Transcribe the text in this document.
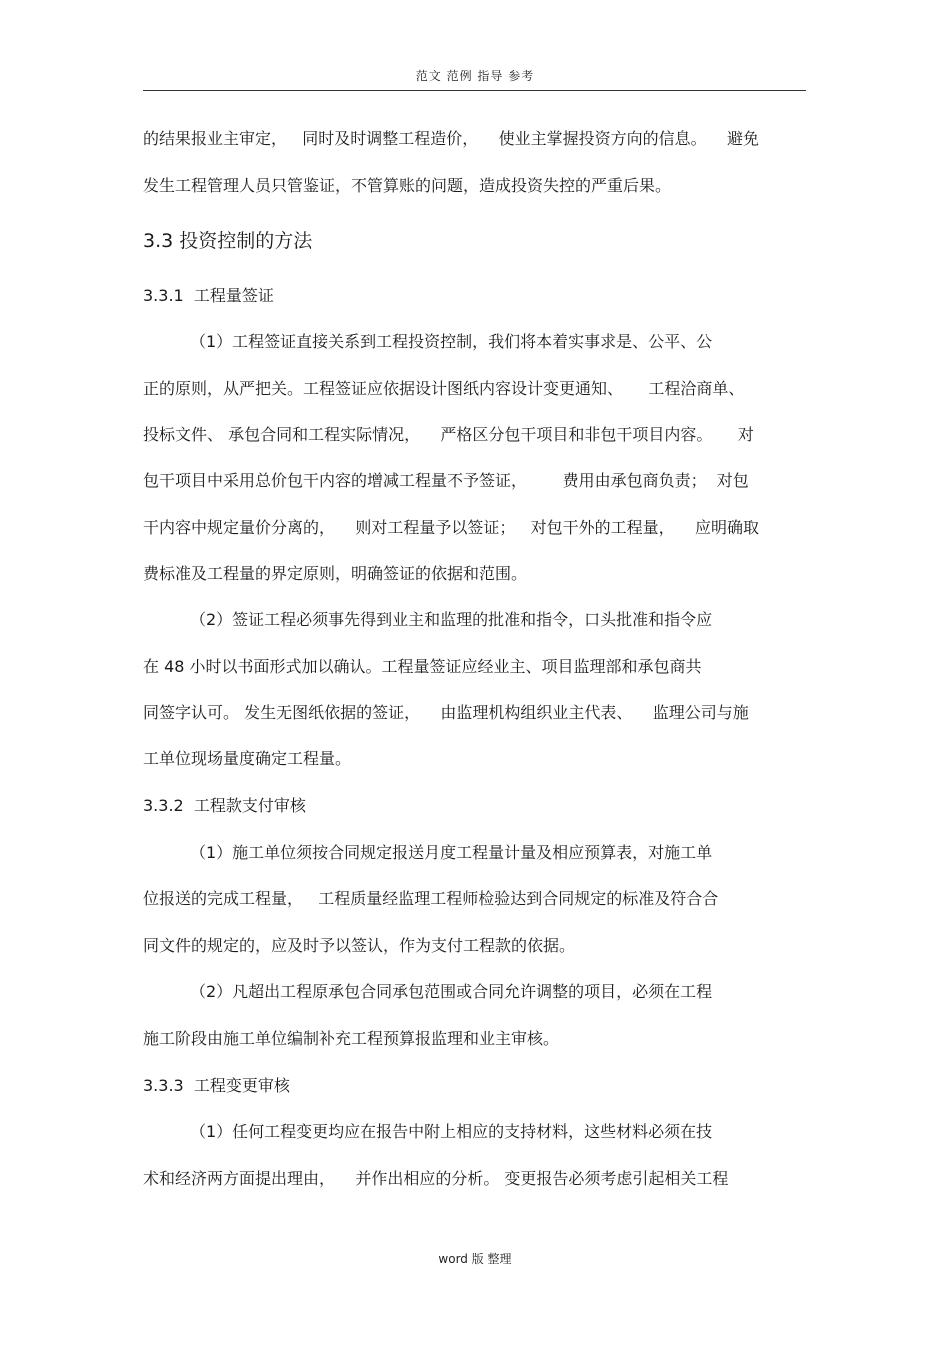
范文 范例 指导 参考
的结果报业主审定，   同时及时调整工程造价，    使业主掌握投资方向的信息。    避免
发生工程管理人员只管鉴证，不管算账的问题，造成投资失控的严重后果。
3.3 投资控制的方法
3.3.1  工程量签证
（1）工程签证直接关系到工程投资控制，我们将本着实事求是、公平、公
正的原则，从严把关。工程签证应依据设计图纸内容设计变更通知、     工程洽商单、
投标文件、 承包合同和工程实际情况，    严格区分包干项目和非包干项目内容。     对
包干项目中采用总价包干内容的增减工程量不予签证，       费用由承包商负责；  对包
干内容中规定量价分离的，    则对工程量予以签证；   对包干外的工程量，    应明确取
费标准及工程量的界定原则，明确签证的依据和范围。
（2）签证工程必须事先得到业主和监理的批准和指令，口头批准和指令应
在 48 小时以书面形式加以确认。工程量签证应经业主、项目监理部和承包商共
同签字认可。 发生无图纸依据的签证，    由监理机构组织业主代表、    监理公司与施
工单位现场量度确定工程量。
3.3.2  工程款支付审核
（1）施工单位须按合同规定报送月度工程量计量及相应预算表，对施工单
位报送的完成工程量，   工程质量经监理工程师检验达到合同规定的标准及符合合
同文件的规定的，应及时予以签认，作为支付工程款的依据。
（2）凡超出工程原承包合同承包范围或合同允许调整的项目，必须在工程
施工阶段由施工单位编制补充工程预算报监理和业主审核。
3.3.3  工程变更审核
（1）任何工程变更均应在报告中附上相应的支持材料，这些材料必须在技
术和经济两方面提出理由，    并作出相应的分析。 变更报告必须考虑引起相关工程
word 版 整理
